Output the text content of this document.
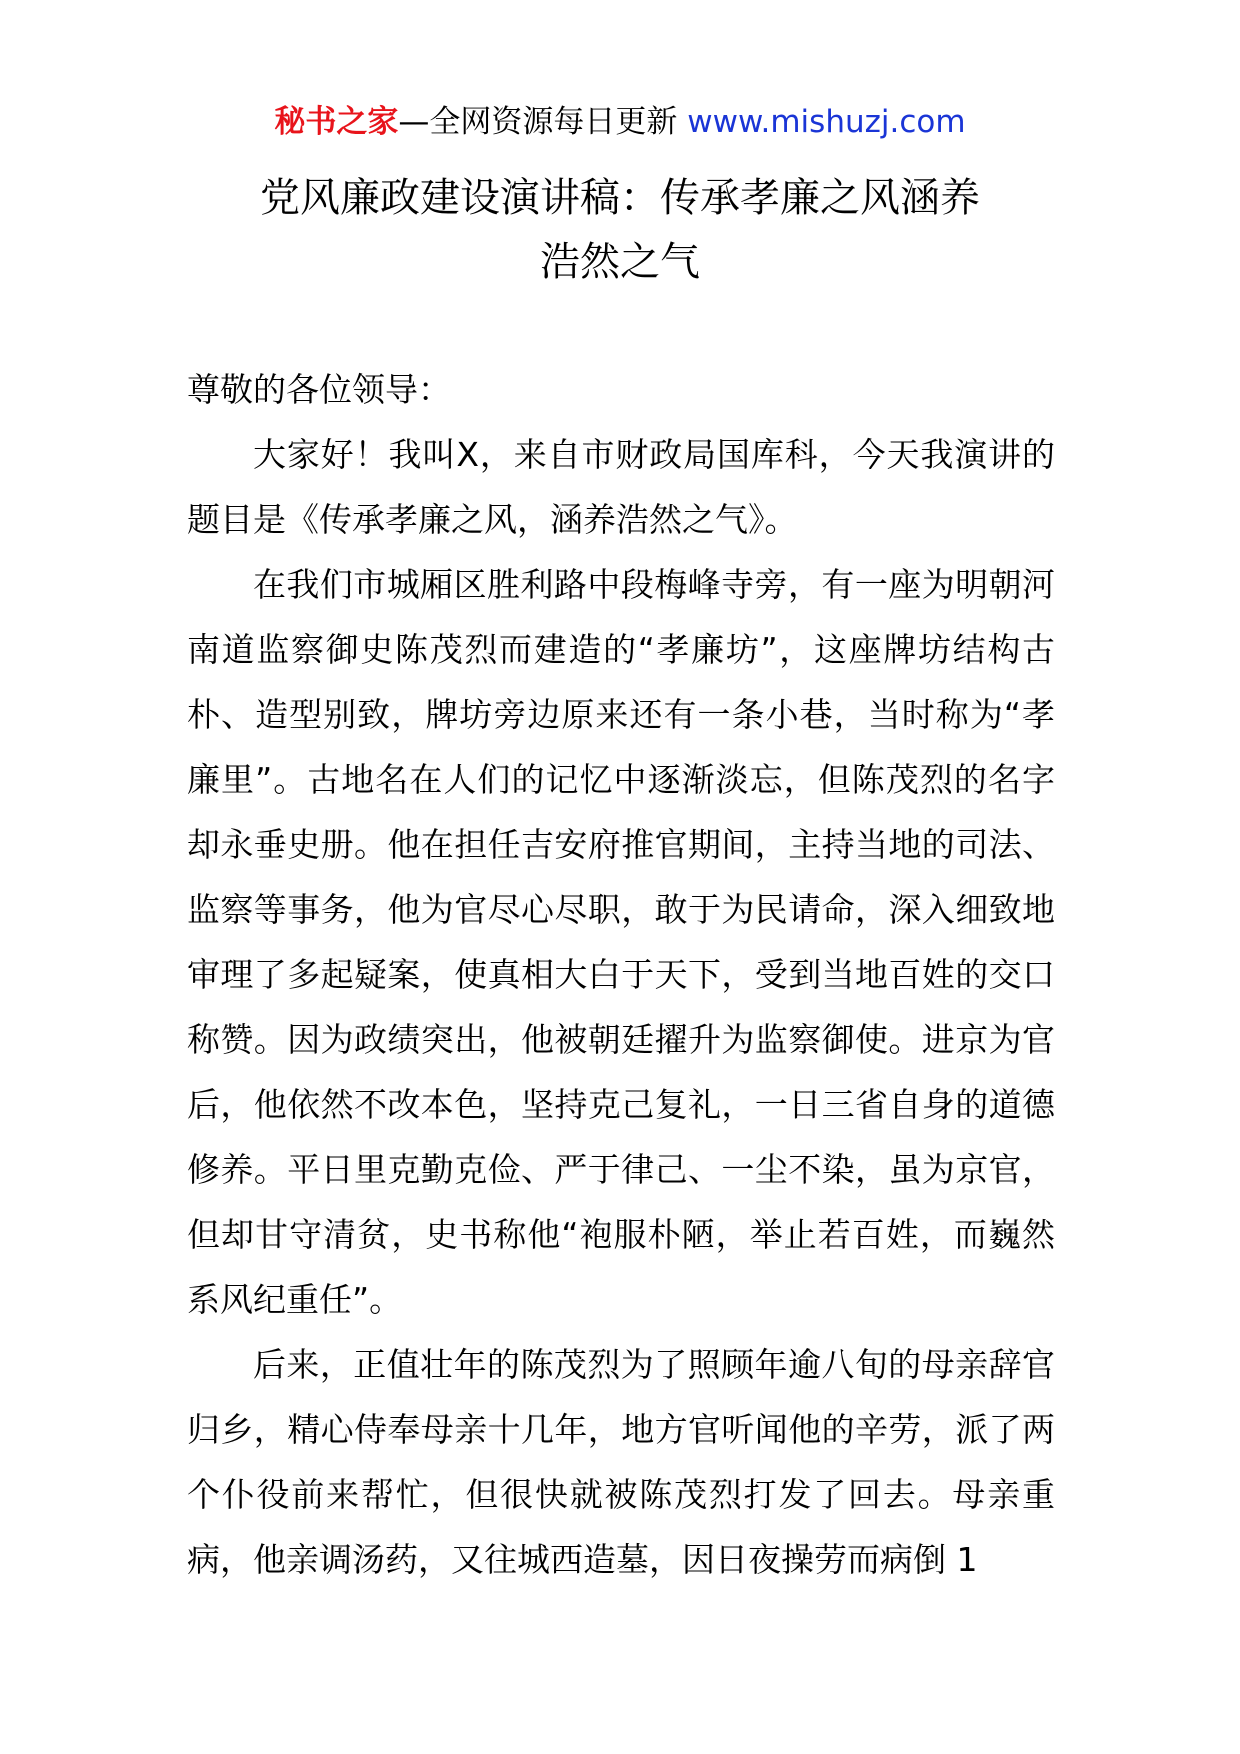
秘书之家—全网资源每日更新 www.mishuzj.com
党风廉政建设演讲稿：传承孝廉之风涵养
浩然之气

尊敬的各位领导：

大家好！我叫X，来自市财政局国库科，今天我演讲的题目是《传承孝廉之风，涵养浩然之气》。

在我们市城厢区胜利路中段梅峰寺旁，有一座为明朝河南道监察御史陈茂烈而建造的“孝廉坊”，这座牌坊结构古朴、造型别致，牌坊旁边原来还有一条小巷，当时称为“孝廉里”。古地名在人们的记忆中逐渐淡忘，但陈茂烈的名字却永垂史册。他在担任吉安府推官期间，主持当地的司法、监察等事务，他为官尽心尽职，敢于为民请命，深入细致地审理了多起疑案，使真相大白于天下，受到当地百姓的交口称赞。因为政绩突出，他被朝廷擢升为监察御使。进京为官后，他依然不改本色，坚持克己复礼，一日三省自身的道德修养。平日里克勤克俭、严于律己、一尘不染，虽为京官，但却甘守清贫，史书称他“袍服朴陋，举止若百姓，而巍然系风纪重任”。

后来，正值壮年的陈茂烈为了照顾年逾八旬的母亲辞官归乡，精心侍奉母亲十几年，地方官听闻他的辛劳，派了两个仆役前来帮忙，但很快就被陈茂烈打发了回去。母亲重病，他亲调汤药，又往城西造墓，因日夜操劳而病倒 1
